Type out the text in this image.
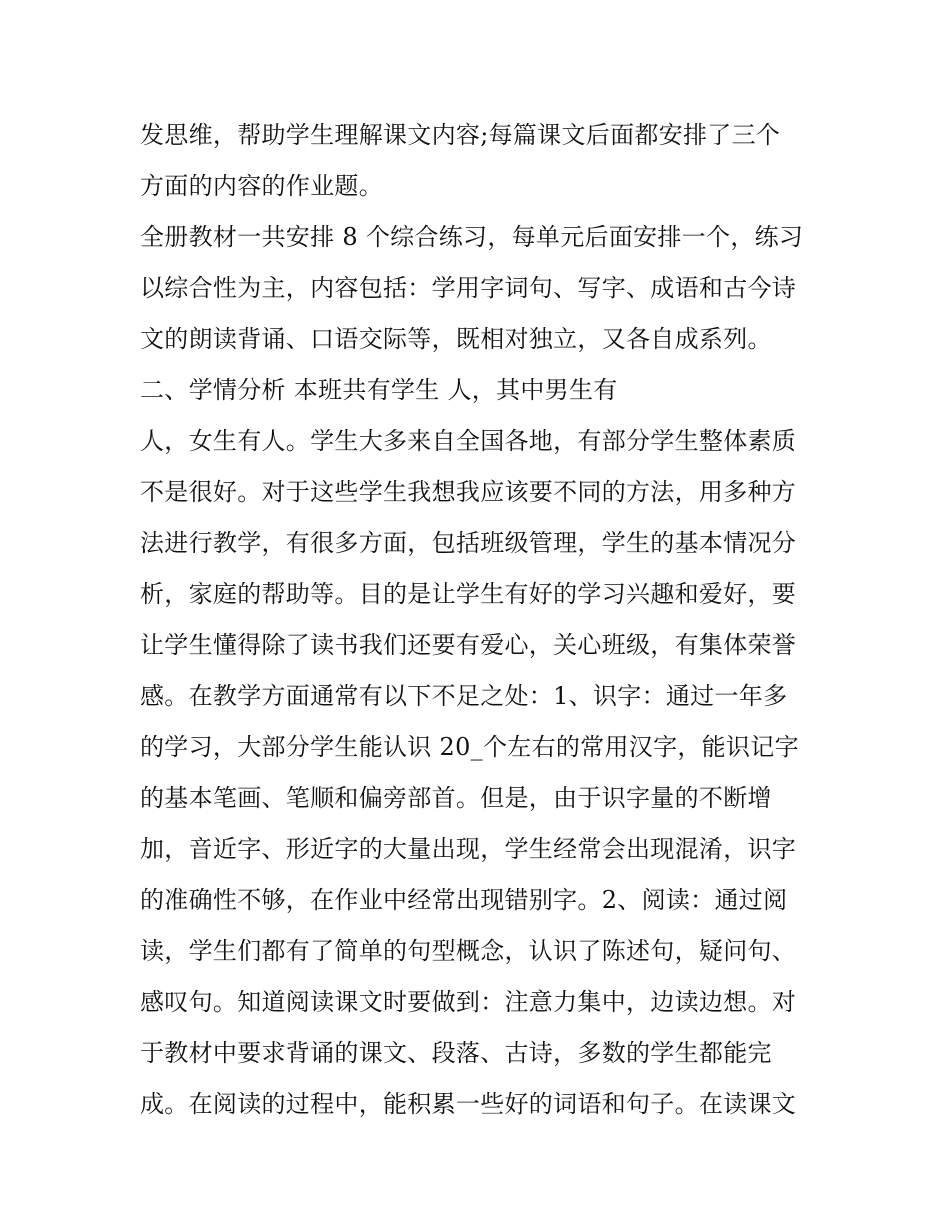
发思维，帮助学生理解课文内容;每篇课文后面都安排了三个
方面的内容的作业题。
全册教材一共安排 8 个综合练习，每单元后面安排一个，练习
以综合性为主，内容包括：学用字词句、写字、成语和古今诗
文的朗读背诵、口语交际等，既相对独立，又各自成系列。
二、学情分析 本班共有学生 人，其中男生有
人，女生有人。学生大多来自全国各地，有部分学生整体素质
不是很好。对于这些学生我想我应该要不同的方法，用多种方
法进行教学，有很多方面，包括班级管理，学生的基本情况分
析，家庭的帮助等。目的是让学生有好的学习兴趣和爱好，要
让学生懂得除了读书我们还要有爱心，关心班级，有集体荣誉
感。在教学方面通常有以下不足之处：1、识字：通过一年多
的学习，大部分学生能认识 20_个左右的常用汉字，能识记字
的基本笔画、笔顺和偏旁部首。但是，由于识字量的不断增
加，音近字、形近字的大量出现，学生经常会出现混淆，识字
的准确性不够，在作业中经常出现错别字。2、阅读：通过阅
读，学生们都有了简单的句型概念，认识了陈述句，疑问句、
感叹句。知道阅读课文时要做到：注意力集中，边读边想。对
于教材中要求背诵的课文、段落、古诗，多数的学生都能完
成。在阅读的过程中，能积累一些好的词语和句子。在读课文
